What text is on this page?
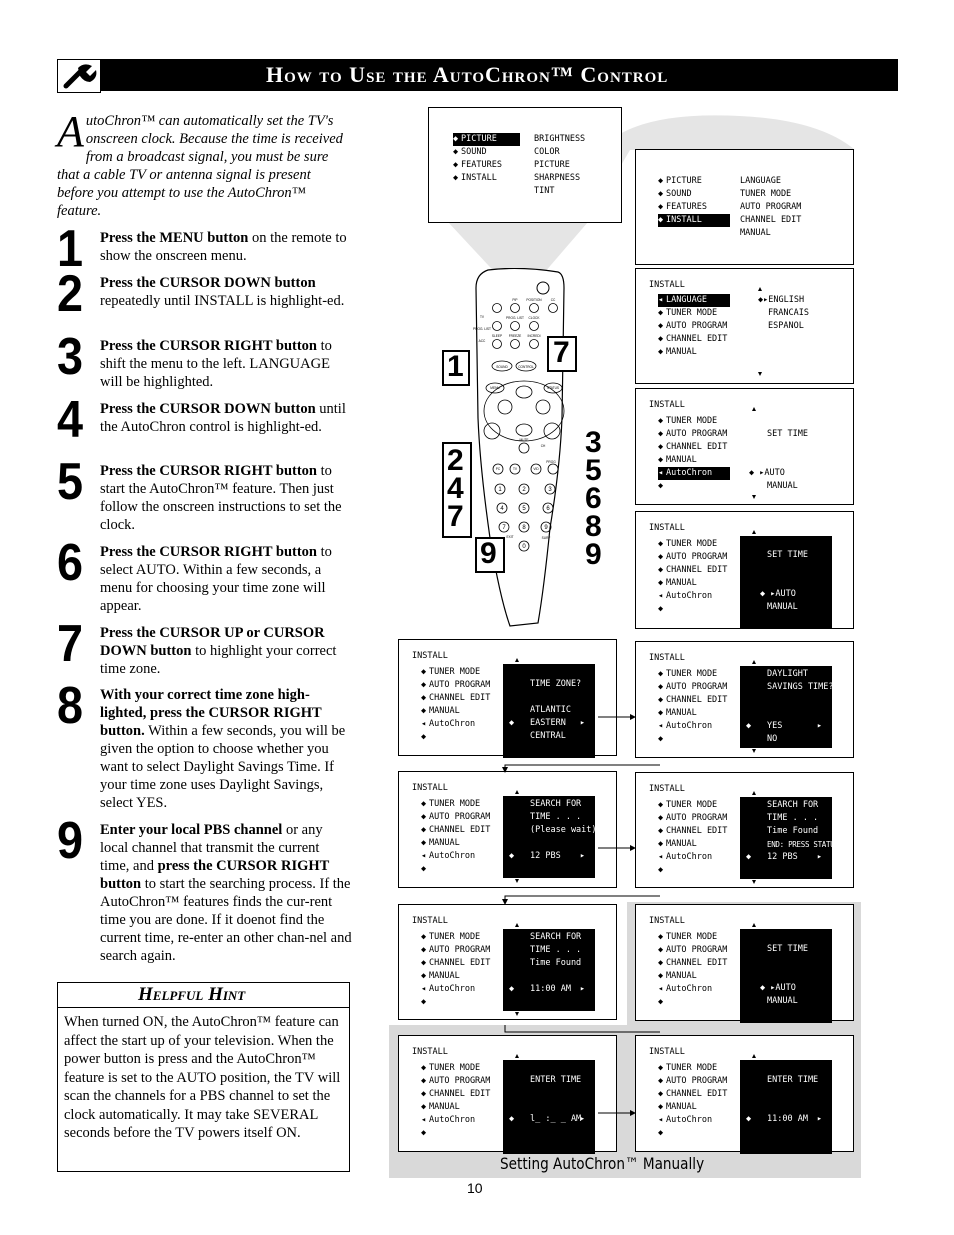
How to Use the AutoChron™ Control
AutoChron™ can automatically set the TV's onscreen clock. Because the time is received from a broadcast signal, you must be sure that a cable TV or antenna signal is present before you attempt to use the AutoChron™ feature.
1 Press the MENU button on the remote to show the onscreen menu.
2 Press the CURSOR DOWN button repeatedly until INSTALL is highlight-ed.
3 Press the CURSOR RIGHT button to shift the menu to the left. LANGUAGE will be highlighted.
4 Press the CURSOR DOWN button until the AutoChron control is highlight-ed.
5 Press the CURSOR RIGHT button to start the AutoChron™ feature. Then just follow the onscreen instructions to set the clock.
6 Press the CURSOR RIGHT button to select AUTO. Within a few seconds, a menu for choosing your time zone will appear.
7 Press the CURSOR UP or CURSOR DOWN button to highlight your correct time zone.
8 With your correct time zone high-lighted, press the CURSOR RIGHT button. Within a few seconds, you will be given the option to choose whether you want to select Daylight Savings Time. If your time zone uses Daylight Savings, select YES.
9 Enter your local PBS channel or any local channel that transmit the current time, and press the CURSOR RIGHT button to start the searching process. If the AutoChron™ features finds the cur-rent time you are done. If it doenot find the current time, re-enter an other chan-nel and search again.
Helpful Hint
When turned ON, the AutoChron™ feature can affect the start up of your television. When the power button is press and the AutoChron™ feature is set to the AUTO position, the TV will scan the channels for a PBS channel to set the clock automatically. It may take SEVERAL seconds before the TV powers itself ON.
Setting AutoChron™ Manually
◆ PICTURE
◆ SOUND
◆ FEATURES
◆ INSTALL
BRIGHTNESS
COLOR
PICTURE
SHARPNESS
TINT
◆ PICTURE
◆ SOUND
◆ FEATURES
◆ INSTALL
LANGUAGE
TUNER MODE
AUTO PROGRAM
CHANNEL EDIT
MANUAL
INSTALL
◂ LANGUAGE
◆ TUNER MODE
◆ AUTO PROGRAM
◆ CHANNEL EDIT
◆ MANUAL
◆▸ENGLISH
FRANCAIS
ESPANOL
INSTALL
◆ TUNER MODE
◆ AUTO PROGRAM
◆ CHANNEL EDIT
◆ MANUAL
◂ AutoChron
◆
SET TIME
◆ ▸AUTO
MANUAL
INSTALL
◆ TUNER MODE
◆ AUTO PROGRAM
◆ CHANNEL EDIT
◆ MANUAL
◂ AutoChron
◆
SET TIME
◆ ▸AUTO
MANUAL
INSTALL
◆ TUNER MODE
◆ AUTO PROGRAM
◆ CHANNEL EDIT
◆ MANUAL
◂ AutoChron
◆
TIME ZONE?
ATLANTIC
◆ EASTERN ▸
CENTRAL
INSTALL
◆ TUNER MODE
◆ AUTO PROGRAM
◆ CHANNEL EDIT
◆ MANUAL
◂ AutoChron
◆
DAYLIGHT
SAVINGS TIME?
◆ YES	▸
NO
INSTALL
◆ TUNER MODE
◆ AUTO PROGRAM
◆ CHANNEL EDIT
◆ MANUAL
◂ AutoChron
◆
SEARCH FOR
TIME . . .
(Please wait)
◆ 12 PBS ▸
INSTALL
◆ TUNER MODE
◆ AUTO PROGRAM
◆ CHANNEL EDIT
◆ MANUAL
◂ AutoChron
◆
SEARCH FOR
TIME . . .
Time Found
END: PRESS STATUS
◆ 12 PBS ▸
INSTALL
◆ TUNER MODE
◆ AUTO PROGRAM
◆ CHANNEL EDIT
◆ MANUAL
◂ AutoChron
◆
SEARCH FOR
TIME . . .
Time Found
◆ 11:00 AM ▸
INSTALL
◆ TUNER MODE
◆ AUTO PROGRAM
◆ CHANNEL EDIT
◆ MANUAL
◂ AutoChron
◆
SET TIME
◆ ▸AUTO
MANUAL
INSTALL
◆ TUNER MODE
◆ AUTO PROGRAM
◆ CHANNEL EDIT
◆ MANUAL
◂ AutoChron
◆
ENTER TIME
◆ l_ :_ _ AM
▸
INSTALL
◆ TUNER MODE
◆ AUTO PROGRAM
◆ CHANNEL EDIT
◆ MANUAL
◂ AutoChron
◆
ENTER TIME
◆ 11:00 AM ▸
PIP	POSITION	CC
TV	PROG. LIST CLOCK
PROG. LIST
SLEEP FREEZE INCREDI
ACC
SOUND	CONTROL
MENU	STATUS
MUTE
CH
PROG
PC	TV	VID
1	2	3
4	5	6
7	8	9
0
SURF
EXIT
1	7
2
4
7
9
3
5
6
8
9
10
